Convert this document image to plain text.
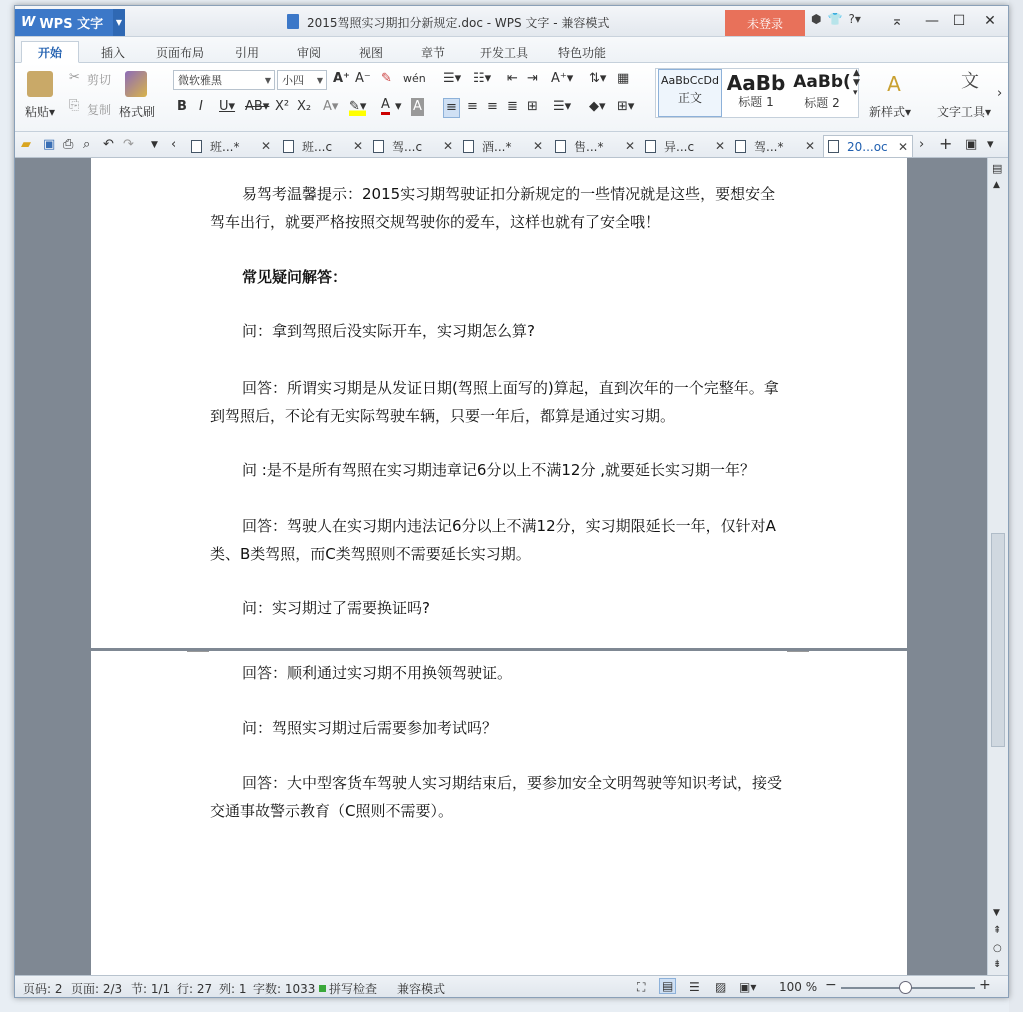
W WPS 文字	▼	2015驾照实习期扣分新规定.doc - WPS 文字 - 兼容模式	未登录	⬢ 👕 ?▾	⌅	— ☐	✕
开始	插入	页面布局	引用	审阅	视图	章节	开发工具	特色功能
粘贴▾
✂ 剪切
⎘ 复制 格式刷
微软雅黑	▼ 小四 ▼ A⁺ A⁻ ✎ wén
B I U▾ AB▾ X² X₂ A▾ ✎▾ A ▾ A
☰▾ ☷▾ ⇤ ⇥ A⁺▾ ⇅▾ ▦
≡ ≡ ≡ ≣ ⊞ ☰▾ ◆▾ ⊞▾
AaBbCcDd
正文
AaBb
标题 1
AaBb(
标题 2
▲
▼
▾	A
新样式▾
文
文字工具▾
›
▰ ▣ ⎙ ⌕ ↶ ↷ ▼ ‹	班...* ✕	班...c ✕ 驾...c ✕ 酒...* ✕	售...* ✕ 异...c ✕ 驾...* ✕	20...oc ✕ › + ▣ ▾
易驾考温馨提示：2015实习期驾驶证扣分新规定的一些情况就是这些，要想安全驾车出行，就要严格按照交规驾驶你的爱车，这样也就有了安全哦！
常见疑问解答：
问：拿到驾照后没实际开车，实习期怎么算?
回答：所谓实习期是从发证日期(驾照上面写的)算起，直到次年的一个完整年。拿到驾照后，不论有无实际驾驶车辆，只要一年后，都算是通过实习期。
问 :是不是所有驾照在实习期违章记6分以上不满12分 ,就要延长实习期一年？
回答：驾驶人在实习期内违法记6分以上不满12分，实习期限延长一年，仅针对A类、B类驾照，而C类驾照则不需要延长实习期。
问：实习期过了需要换证吗?
回答：顺利通过实习期不用换领驾驶证。
问：驾照实习期过后需要参加考试吗？
回答：大中型客货车驾驶人实习期结束后，要参加安全文明驾驶等知识考试，接受交通事故警示教育（C照则不需要）。
▤
▲
▼
⇞
○
⇟
页码: 2 页面: 2/3 节: 1/1 行: 27 列: 1 字数: 1033 拼写检查 兼容模式	⛶ ▤ ☰ ▨ ▣▾ 100 % −	+
